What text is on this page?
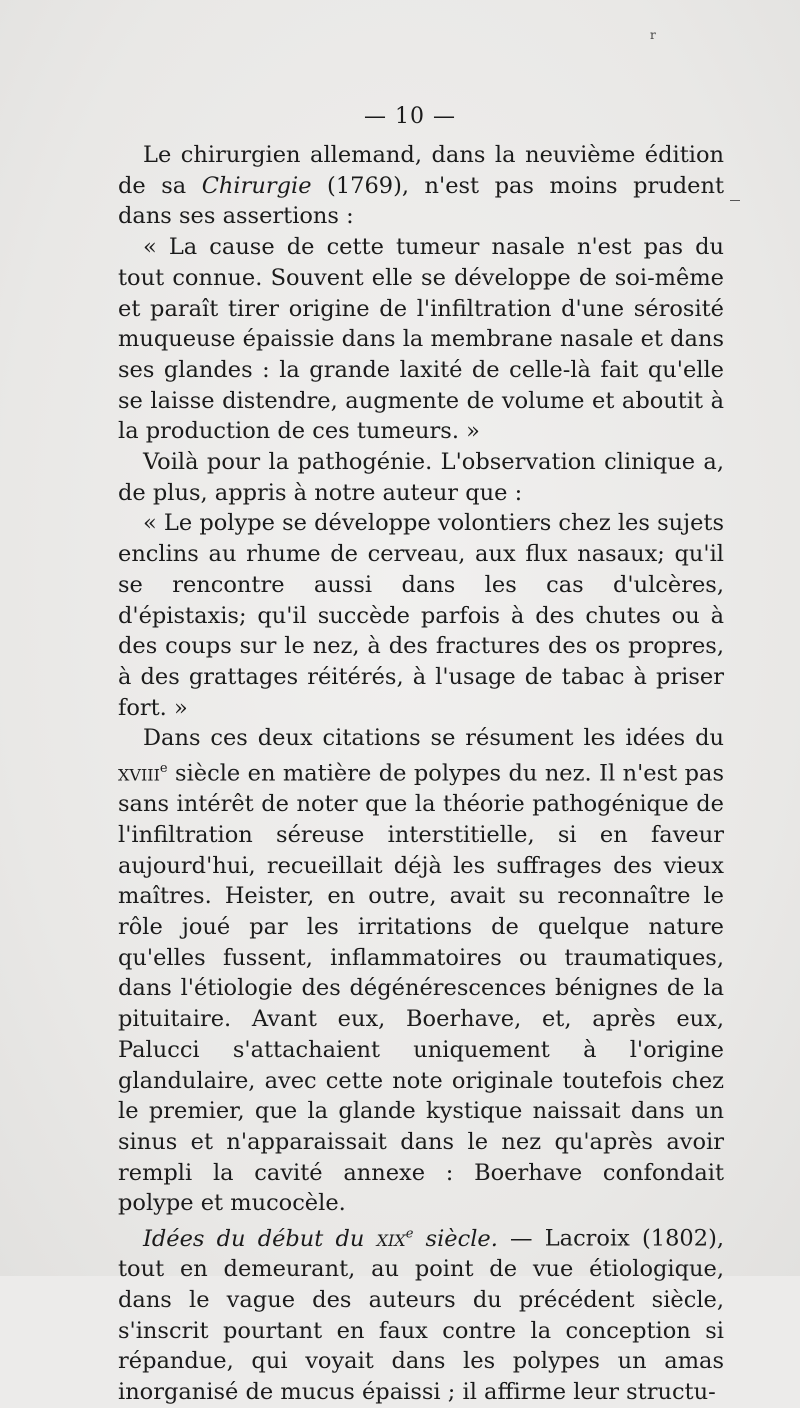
r
— 10 —

Le chirurgien allemand, dans la neuvième édition de sa Chirurgie (1769), n'est pas moins prudent dans ses assertions :

« La cause de cette tumeur nasale n'est pas du tout connue. Souvent elle se développe de soi-même et paraît tirer origine de l'infiltration d'une sérosité muqueuse épaissie dans la membrane nasale et dans ses glandes : la grande laxité de celle-là fait qu'elle se laisse distendre, augmente de volume et aboutit à la production de ces tumeurs. »

Voilà pour la pathogénie. L'observation clinique a, de plus, appris à notre auteur que :

« Le polype se développe volontiers chez les sujets enclins au rhume de cerveau, aux flux nasaux; qu'il se rencontre aussi dans les cas d'ulcères, d'épistaxis; qu'il succède parfois à des chutes ou à des coups sur le nez, à des fractures des os propres, à des grattages réitérés, à l'usage de tabac à priser fort. »

Dans ces deux citations se résument les idées du xviii$^e$ siècle en matière de polypes du nez. Il n'est pas sans intérêt de noter que la théorie pathogénique de l'infiltration séreuse interstitielle, si en faveur aujourd'hui, recueillait déjà les suffrages des vieux maîtres. Heister, en outre, avait su reconnaître le rôle joué par les irritations de quelque nature qu'elles fussent, inflammatoires ou traumatiques, dans l'étiologie des dégénérescences bénignes de la pituitaire. Avant eux, Boerhave, et, après eux, Palucci s'attachaient uniquement à l'origine glandulaire, avec cette note originale toutefois chez le premier, que la glande kystique naissait dans un sinus et n'apparaissait dans le nez qu'après avoir rempli la cavité annexe : Boerhave confondait polype et mucocèle.

Idées du début du xix$^e$ siècle. — Lacroix (1802), tout en demeurant, au point de vue étiologique, dans le vague des auteurs du précédent siècle, s'inscrit pourtant en faux contre la conception si répandue, qui voyait dans les polypes un amas inorganisé de mucus épaissi ; il affirme leur structu-
